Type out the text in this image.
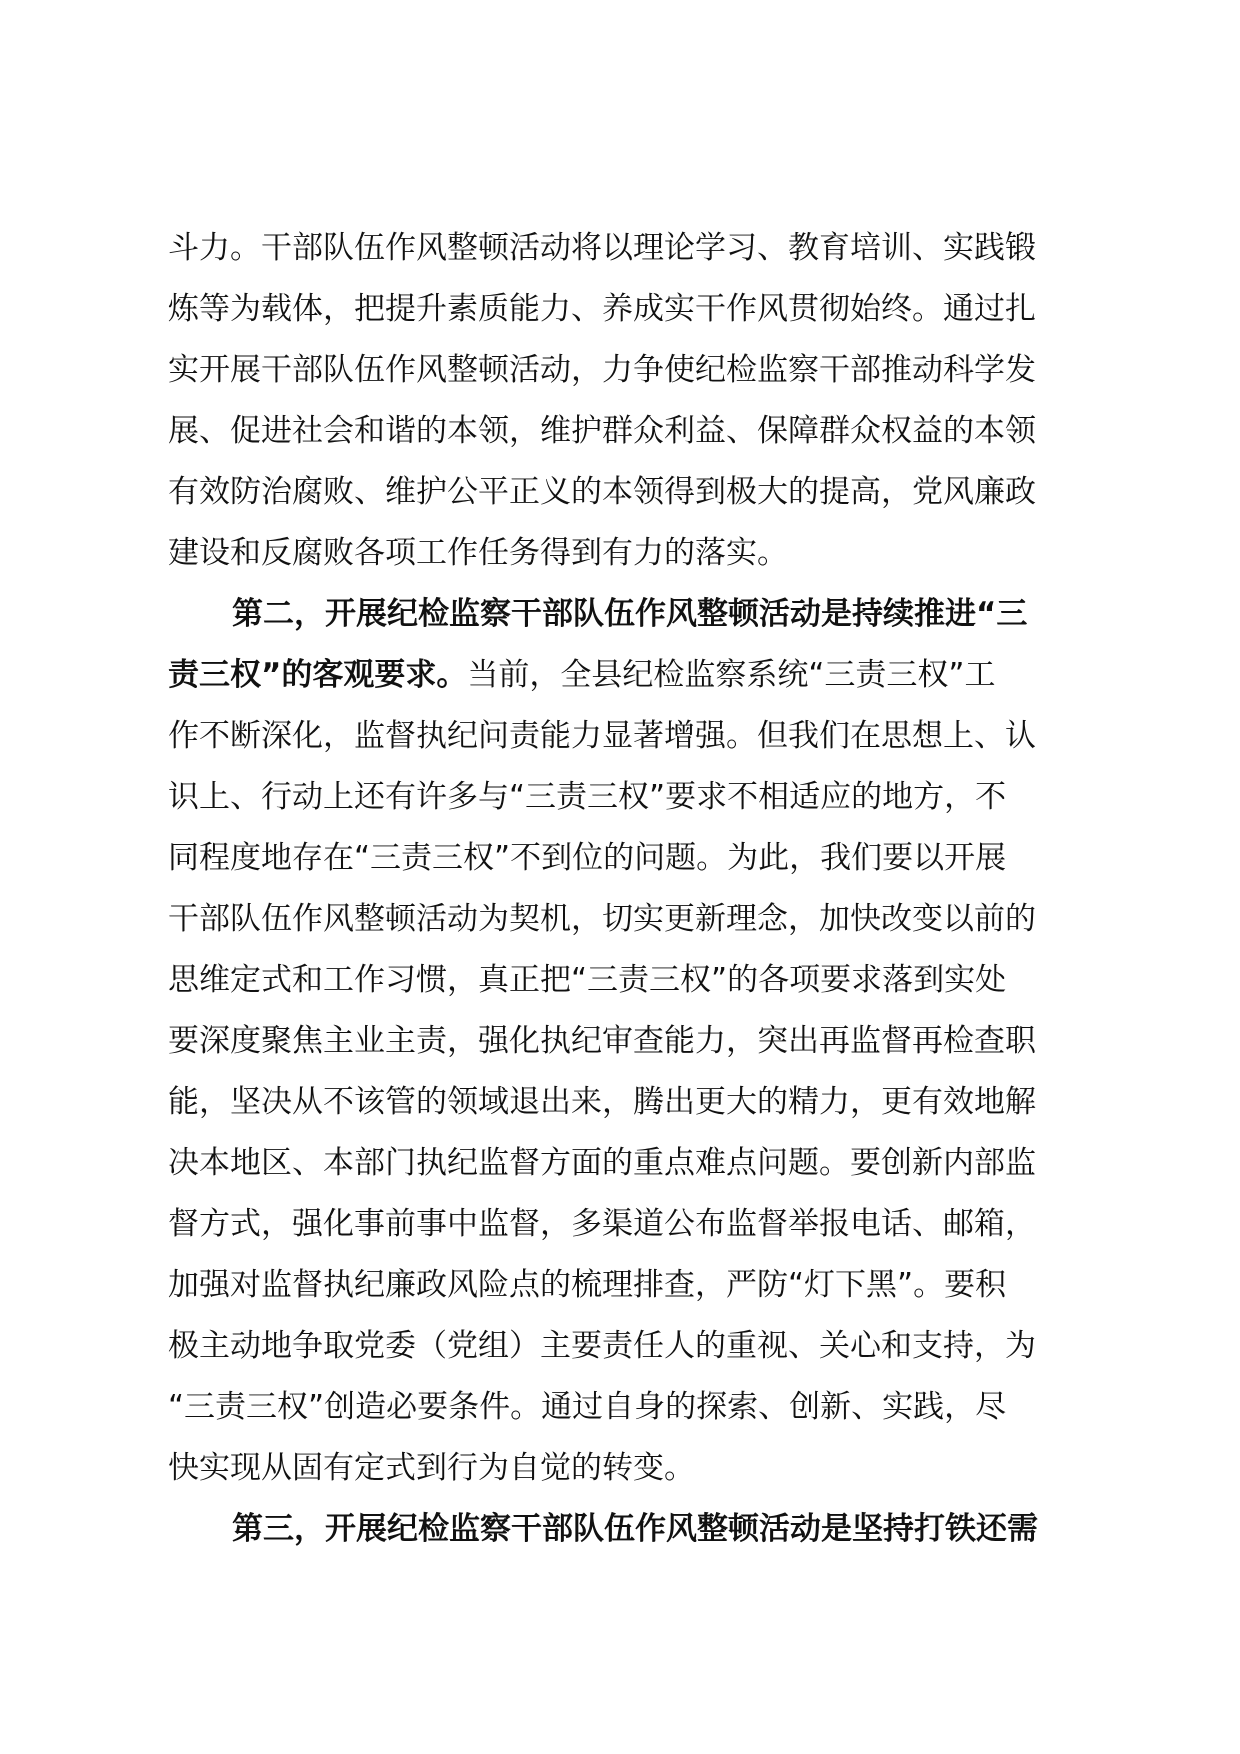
斗力。干部队伍作风整顿活动将以理论学习、教育培训、实践锻
炼等为载体，把提升素质能力、养成实干作风贯彻始终。通过扎
实开展干部队伍作风整顿活动，力争使纪检监察干部推动科学发
展、促进社会和谐的本领，维护群众利益、保障群众权益的本领
有效防治腐败、维护公平正义的本领得到极大的提高，党风廉政
建设和反腐败各项工作任务得到有力的落实。
第二，开展纪检监察干部队伍作风整顿活动是持续推进“三
责三权”的客观要求。当前，全县纪检监察系统“三责三权”工
作不断深化，监督执纪问责能力显著增强。但我们在思想上、认
识上、行动上还有许多与“三责三权”要求不相适应的地方，不
同程度地存在“三责三权”不到位的问题。为此，我们要以开展
干部队伍作风整顿活动为契机，切实更新理念，加快改变以前的
思维定式和工作习惯，真正把“三责三权”的各项要求落到实处
要深度聚焦主业主责，强化执纪审查能力，突出再监督再检查职
能，坚决从不该管的领域退出来，腾出更大的精力，更有效地解
决本地区、本部门执纪监督方面的重点难点问题。要创新内部监
督方式，强化事前事中监督，多渠道公布监督举报电话、邮箱，
加强对监督执纪廉政风险点的梳理排查，严防“灯下黑”。要积
极主动地争取党委（党组）主要责任人的重视、关心和支持，为
“三责三权”创造必要条件。通过自身的探索、创新、实践，尽
快实现从固有定式到行为自觉的转变。
第三，开展纪检监察干部队伍作风整顿活动是坚持打铁还需
